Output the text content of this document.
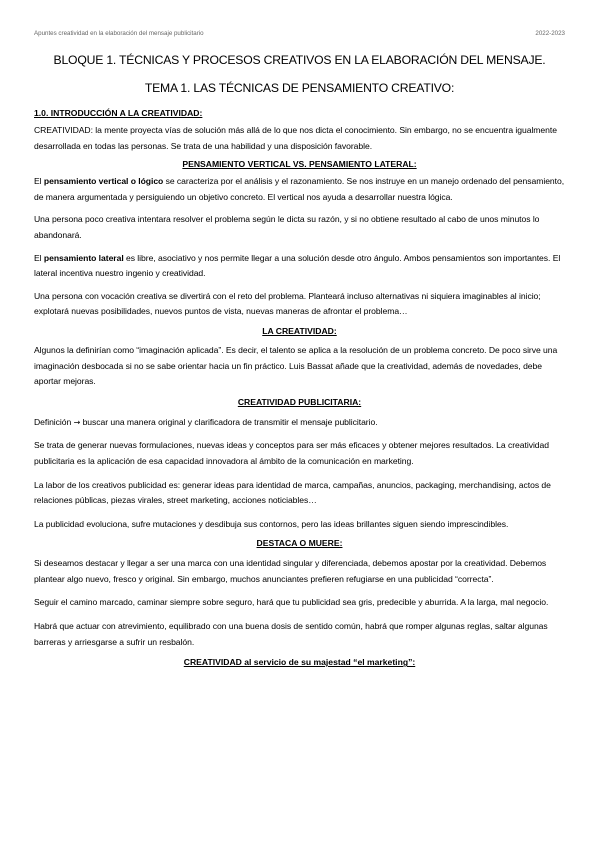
Apuntes creatividad en la elaboración del mensaje publicitario	2022-2023
BLOQUE 1. TÉCNICAS Y PROCESOS CREATIVOS EN LA ELABORACIÓN DEL MENSAJE.
TEMA 1. LAS TÉCNICAS DE PENSAMIENTO CREATIVO:
1.0. INTRODUCCIÓN A LA CREATIVIDAD:

CREATIVIDAD: la mente proyecta vías de solución más allá de lo que nos dicta el conocimiento. Sin embargo, no se encuentra igualmente desarrollada en todas las personas. Se trata de una habilidad y una disposición favorable.

PENSAMIENTO VERTICAL VS. PENSAMIENTO LATERAL:

El pensamiento vertical o lógico se caracteriza por el análisis y el razonamiento. Se nos instruye en un manejo ordenado del pensamiento, de manera argumentada y persiguiendo un objetivo concreto. El vertical nos ayuda a desarrollar nuestra lógica.

Una persona poco creativa intentara resolver el problema según le dicta su razón, y si no obtiene resultado al cabo de unos minutos lo abandonará.

El pensamiento lateral es libre, asociativo y nos permite llegar a una solución desde otro ángulo. Ambos pensamientos son importantes. El lateral incentiva nuestro ingenio y creatividad.

Una persona con vocación creativa se divertirá con el reto del problema. Planteará incluso alternativas ni siquiera imaginables al inicio; explotará nuevas posibilidades, nuevos puntos de vista, nuevas maneras de afrontar el problema…

LA CREATIVIDAD:

Algunos la definirían como “imaginación aplicada”. Es decir, el talento se aplica a la resolución de un problema concreto. De poco sirve una imaginación desbocada si no se sabe orientar hacia un fin práctico. Luis Bassat añade que la creatividad, además de novedades, debe aportar mejoras.

CREATIVIDAD PUBLICITARIA:

Definición → buscar una manera original y clarificadora de transmitir el mensaje publicitario.

Se trata de generar nuevas formulaciones, nuevas ideas y conceptos para ser más eficaces y obtener mejores resultados. La creatividad publicitaria es la aplicación de esa capacidad innovadora al ámbito de la comunicación en marketing.

La labor de los creativos publicidad es: generar ideas para identidad de marca, campañas, anuncios, packaging, merchandising, actos de relaciones públicas, piezas virales, street marketing, acciones noticiables…

La publicidad evoluciona, sufre mutaciones y desdibuja sus contornos, pero las ideas brillantes siguen siendo imprescindibles.

DESTACA O MUERE:

Si deseamos destacar y llegar a ser una marca con una identidad singular y diferenciada, debemos apostar por la creatividad. Debemos plantear algo nuevo, fresco y original. Sin embargo, muchos anunciantes prefieren refugiarse en una publicidad “correcta”.

Seguir el camino marcado, caminar siempre sobre seguro, hará que tu publicidad sea gris, predecible y aburrida. A la larga, mal negocio.

Habrá que actuar con atrevimiento, equilibrado con una buena dosis de sentido común, habrá que romper algunas reglas, saltar algunas barreras y arriesgarse a sufrir un resbalón.

CREATIVIDAD al servicio de su majestad “el marketing”:
